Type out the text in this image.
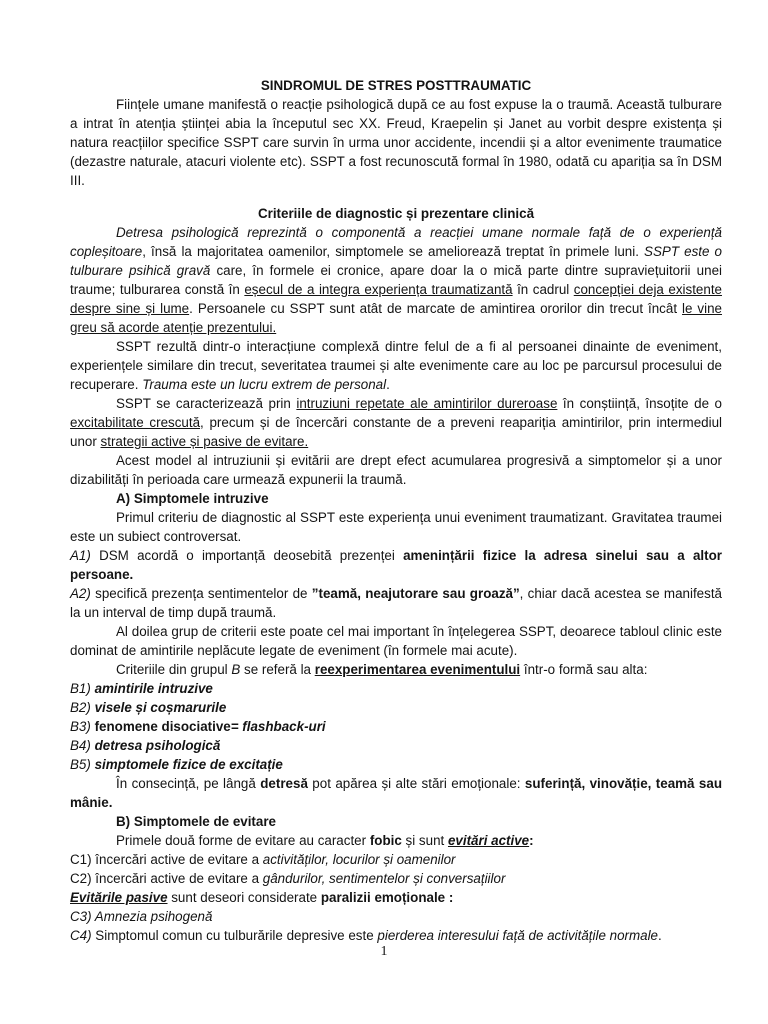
SINDROMUL DE STRES POSTTRAUMATIC

Ființele umane manifestă o reacție psihologică după ce au fost expuse la o traumă. Această tulburare a intrat în atenția științei abia la începutul sec XX. Freud, Kraepelin și Janet au vorbit despre existența și natura reacțiilor specifice SSPT care survin în urma unor accidente, incendii și a altor evenimente traumatice (dezastre naturale, atacuri violente etc). SSPT a fost recunoscută formal în 1980, odată cu apariția sa în DSM III.

Criteriile de diagnostic și prezentare clinică

Detresa psihologică reprezintă o componentă a reacției umane normale față de o experiență copleșitoare, însă la majoritatea oamenilor, simptomele se ameliorează treptat în primele luni. SSPT este o tulburare psihică gravă care, în formele ei cronice, apare doar la o mică parte dintre supraviețuitorii unei traume; tulburarea constă în eșecul de a integra experiența traumatizantă în cadrul concepției deja existente despre sine și lume. Persoanele cu SSPT sunt atât de marcate de amintirea ororilor din trecut încât le vine greu să acorde atenție prezentului.

SSPT rezultă dintr-o interacțiune complexă dintre felul de a fi al persoanei dinainte de eveniment, experiențele similare din trecut, severitatea traumei și alte evenimente care au loc pe parcursul procesului de recuperare. Trauma este un lucru extrem de personal.

SSPT se caracterizează prin intruziuni repetate ale amintirilor dureroase în conștiință, însoțite de o excitabilitate crescută, precum și de încercări constante de a preveni reapariția amintirilor, prin intermediul unor strategii active și pasive de evitare.

Acest model al intruziunii și evitării are drept efect acumularea progresivă a simptomelor și a unor dizabilități în perioada care urmează expunerii la traumă.

A) Simptomele intruzive

Primul criteriu de diagnostic al SSPT este experiența unui eveniment traumatizant. Gravitatea traumei este un subiect controversat.

A1) DSM acordă o importanță deosebită prezenței amenințării fizice la adresa sinelui sau a altor persoane.

A2) specifică prezența sentimentelor de ”teamă, neajutorare sau groază”, chiar dacă acestea se manifestă la un interval de timp după traumă.

Al doilea grup de criterii este poate cel mai important în înțelegerea SSPT, deoarece tabloul clinic este dominat de amintirile neplăcute legate de eveniment (în formele mai acute).

Criteriile din grupul B se referă la reexperimentarea evenimentului într-o formă sau alta:

B1) amintirile intruzive

B2) visele și coșmarurile

B3) fenomene disociative= flashback-uri

B4) detresa psihologică

B5) simptomele fizice de excitație

În consecință, pe lângă detresă pot apărea și alte stări emoționale: suferință, vinovăție, teamă sau mânie.

B) Simptomele de evitare

Primele două forme de evitare au caracter fobic și sunt evitări active:

C1) încercări active de evitare a activităților, locurilor și oamenilor

C2) încercări active de evitare a gândurilor, sentimentelor și conversațiilor

Evitările pasive sunt deseori considerate paralizii emoționale :

C3) Amnezia psihogenă

C4) Simptomul comun cu tulburările depresive este pierderea interesului față de activitățile normale.

1
